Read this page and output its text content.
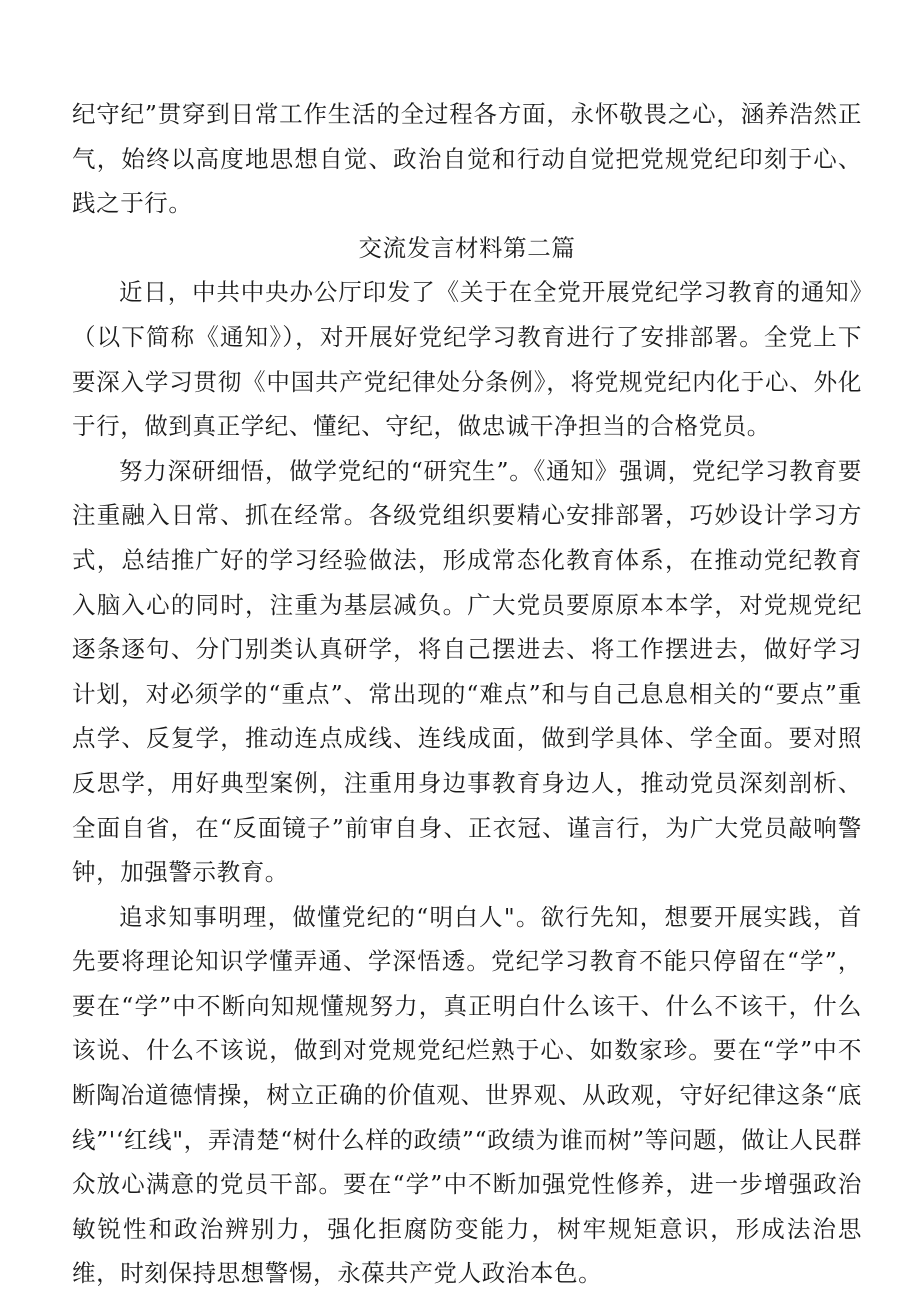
纪守纪”贯穿到日常工作生活的全过程各方面，永怀敬畏之心，涵养浩然正气，始终以高度地思想自觉、政治自觉和行动自觉把党规党纪印刻于心、践之于行。

交流发言材料第二篇

近日，中共中央办公厅印发了《关于在全党开展党纪学习教育的通知》（以下简称《通知》），对开展好党纪学习教育进行了安排部署。全党上下要深入学习贯彻《中国共产党纪律处分条例》，将党规党纪内化于心、外化于行，做到真正学纪、懂纪、守纪，做忠诚干净担当的合格党员。

努力深研细悟，做学党纪的“研究生”。《通知》强调，党纪学习教育要注重融入日常、抓在经常。各级党组织要精心安排部署，巧妙设计学习方式，总结推广好的学习经验做法，形成常态化教育体系，在推动党纪教育入脑入心的同时，注重为基层减负。广大党员要原原本本学，对党规党纪逐条逐句、分门别类认真研学，将自己摆进去、将工作摆进去，做好学习计划，对必须学的“重点”、常出现的“难点”和与自己息息相关的“要点”重点学、反复学，推动连点成线、连线成面，做到学具体、学全面。要对照反思学，用好典型案例，注重用身边事教育身边人，推动党员深刻剖析、全面自省，在“反面镜子”前审自身、正衣冠、谨言行，为广大党员敲响警钟，加强警示教育。

追求知事明理，做懂党纪的“明白人"。欲行先知，想要开展实践，首先要将理论知识学懂弄通、学深悟透。党纪学习教育不能只停留在“学”，要在“学”中不断向知规懂规努力，真正明白什么该干、什么不该干，什么该说、什么不该说，做到对党规党纪烂熟于心、如数家珍。要在“学”中不断陶冶道德情操，树立正确的价值观、世界观、从政观，守好纪律这条“底线”'‘红线"，弄清楚“树什么样的政绩”“政绩为谁而树”等问题，做让人民群众放心满意的党员干部。要在“学”中不断加强党性修养，进一步增强政治敏锐性和政治辨别力，强化拒腐防变能力，树牢规矩意识，形成法治思维，时刻保持思想警惕，永葆共产党人政治本色。
